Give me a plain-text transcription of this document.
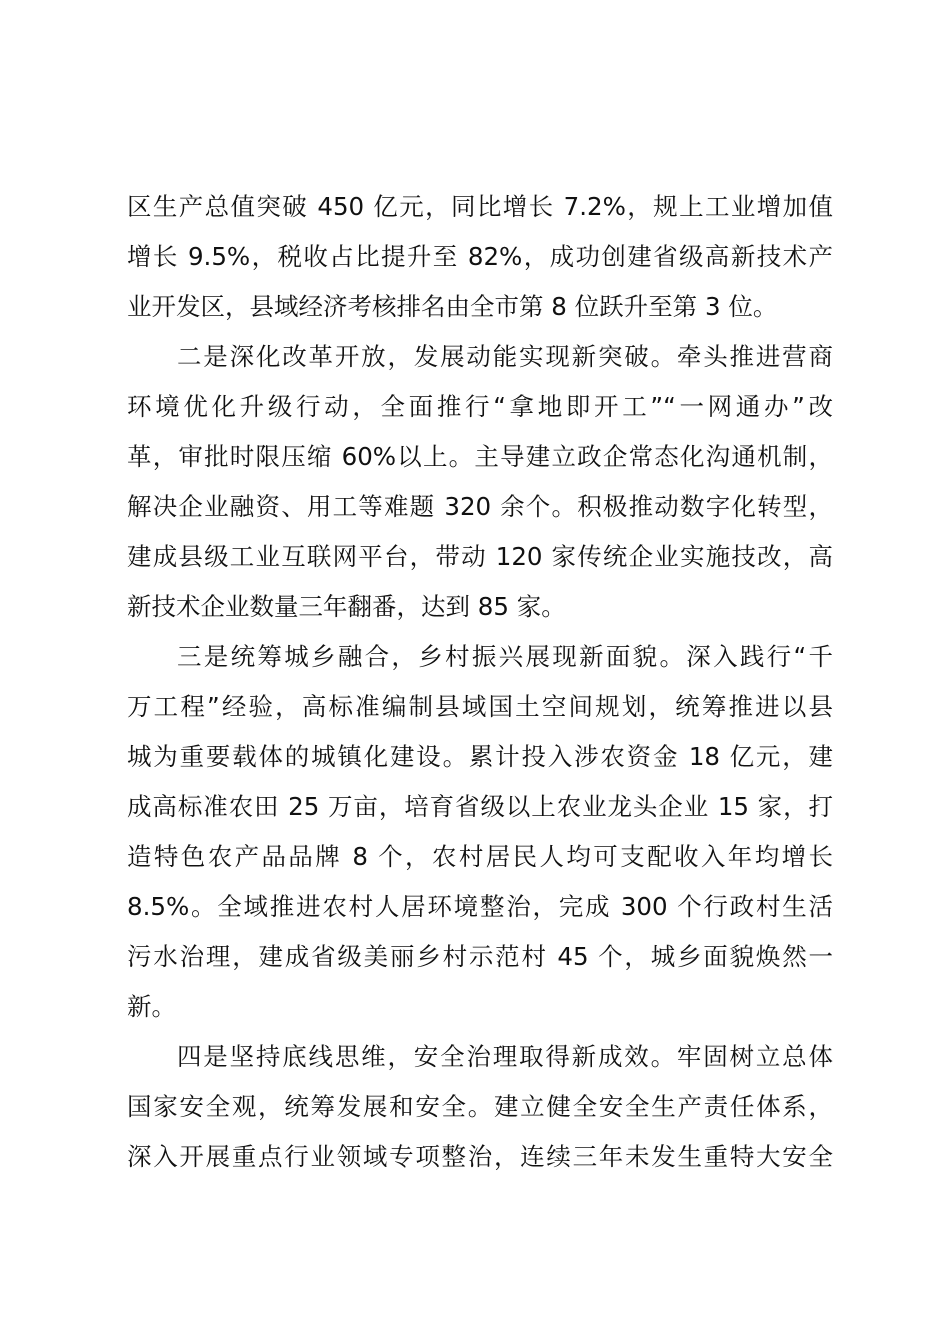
区生产总值突破 450 亿元，同比增长 7.2%，规上工业增加值
增长 9.5%，税收占比提升至 82%，成功创建省级高新技术产
业开发区，县域经济考核排名由全市第 8 位跃升至第 3 位。
二是深化改革开放，发展动能实现新突破。牵头推进营商
环境优化升级行动，全面推行“拿地即开工”“一网通办”改
革，审批时限压缩 60%以上。主导建立政企常态化沟通机制，
解决企业融资、用工等难题 320 余个。积极推动数字化转型，
建成县级工业互联网平台，带动 120 家传统企业实施技改，高
新技术企业数量三年翻番，达到 85 家。
三是统筹城乡融合，乡村振兴展现新面貌。深入践行“千
万工程”经验，高标准编制县域国土空间规划，统筹推进以县
城为重要载体的城镇化建设。累计投入涉农资金 18 亿元，建
成高标准农田 25 万亩，培育省级以上农业龙头企业 15 家，打
造特色农产品品牌 8 个，农村居民人均可支配收入年均增长
8.5%。全域推进农村人居环境整治，完成 300 个行政村生活
污水治理，建成省级美丽乡村示范村 45 个，城乡面貌焕然一
新。
四是坚持底线思维，安全治理取得新成效。牢固树立总体
国家安全观，统筹发展和安全。建立健全安全生产责任体系，
深入开展重点行业领域专项整治，连续三年未发生重特大安全
